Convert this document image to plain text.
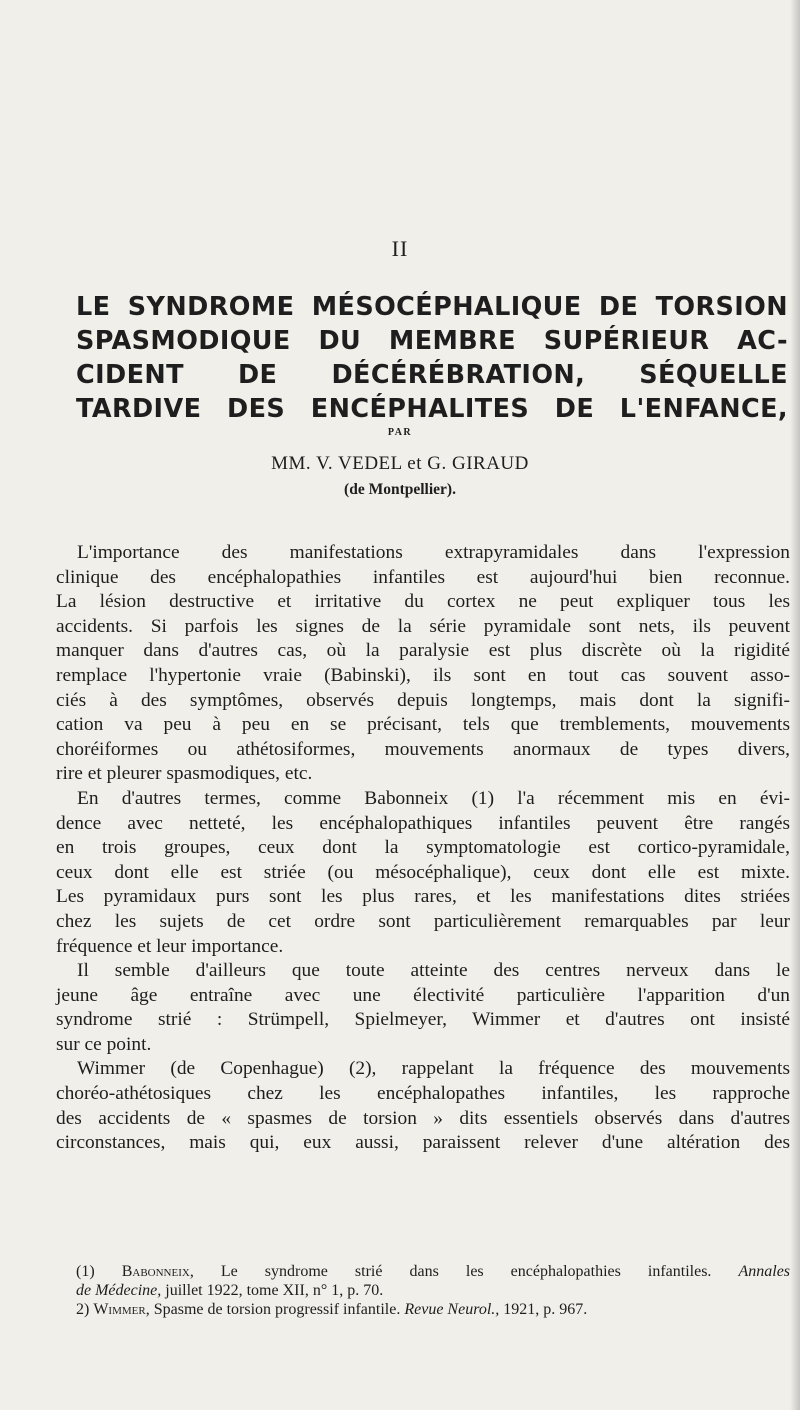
II
LE SYNDROME MÉSOCÉPHALIQUE DE TORSION
SPASMODIQUE DU MEMBRE SUPÉRIEUR AC-
CIDENT DE DÉCÉRÉBRATION, SÉQUELLE
TARDIVE DES ENCÉPHALITES DE L'ENFANCE,
PAR
MM. V. VEDEL et G. GIRAUD
(de Montpellier).
L'importance des manifestations extrapyramidales dans l'expression
clinique des encéphalopathies infantiles est aujourd'hui bien reconnue.
La lésion destructive et irritative du cortex ne peut expliquer tous les
accidents. Si parfois les signes de la série pyramidale sont nets, ils peuvent
manquer dans d'autres cas, où la paralysie est plus discrète où la rigidité
remplace l'hypertonie vraie (Babinski), ils sont en tout cas souvent asso-
ciés à des symptômes, observés depuis longtemps, mais dont la signifi-
cation va peu à peu en se précisant, tels que tremblements, mouvements
choréiformes ou athétosiformes, mouvements anormaux de types divers,
rire et pleurer spasmodiques, etc.
En d'autres termes, comme Babonneix (1) l'a récemment mis en évi-
dence avec netteté, les encéphalopathiques infantiles peuvent être rangés
en trois groupes, ceux dont la symptomatologie est cortico-pyramidale,
ceux dont elle est striée (ou mésocéphalique), ceux dont elle est mixte.
Les pyramidaux purs sont les plus rares, et les manifestations dites striées
chez les sujets de cet ordre sont particulièrement remarquables par leur
fréquence et leur importance.
Il semble d'ailleurs que toute atteinte des centres nerveux dans le
jeune âge entraîne avec une électivité particulière l'apparition d'un
syndrome strié : Strümpell, Spielmeyer, Wimmer et d'autres ont insisté
sur ce point.
Wimmer (de Copenhague) (2), rappelant la fréquence des mouvements
choréo-athétosiques chez les encéphalopathes infantiles, les rapproche
des accidents de « spasmes de torsion » dits essentiels observés dans d'autres
circonstances, mais qui, eux aussi, paraissent relever d'une altération des
(1) Babonneix, Le syndrome strié dans les encéphalopathies infantiles. Annales
de Médecine, juillet 1922, tome XII, n° 1, p. 70.
2) Wimmer, Spasme de torsion progressif infantile. Revue Neurol., 1921, p. 967.
